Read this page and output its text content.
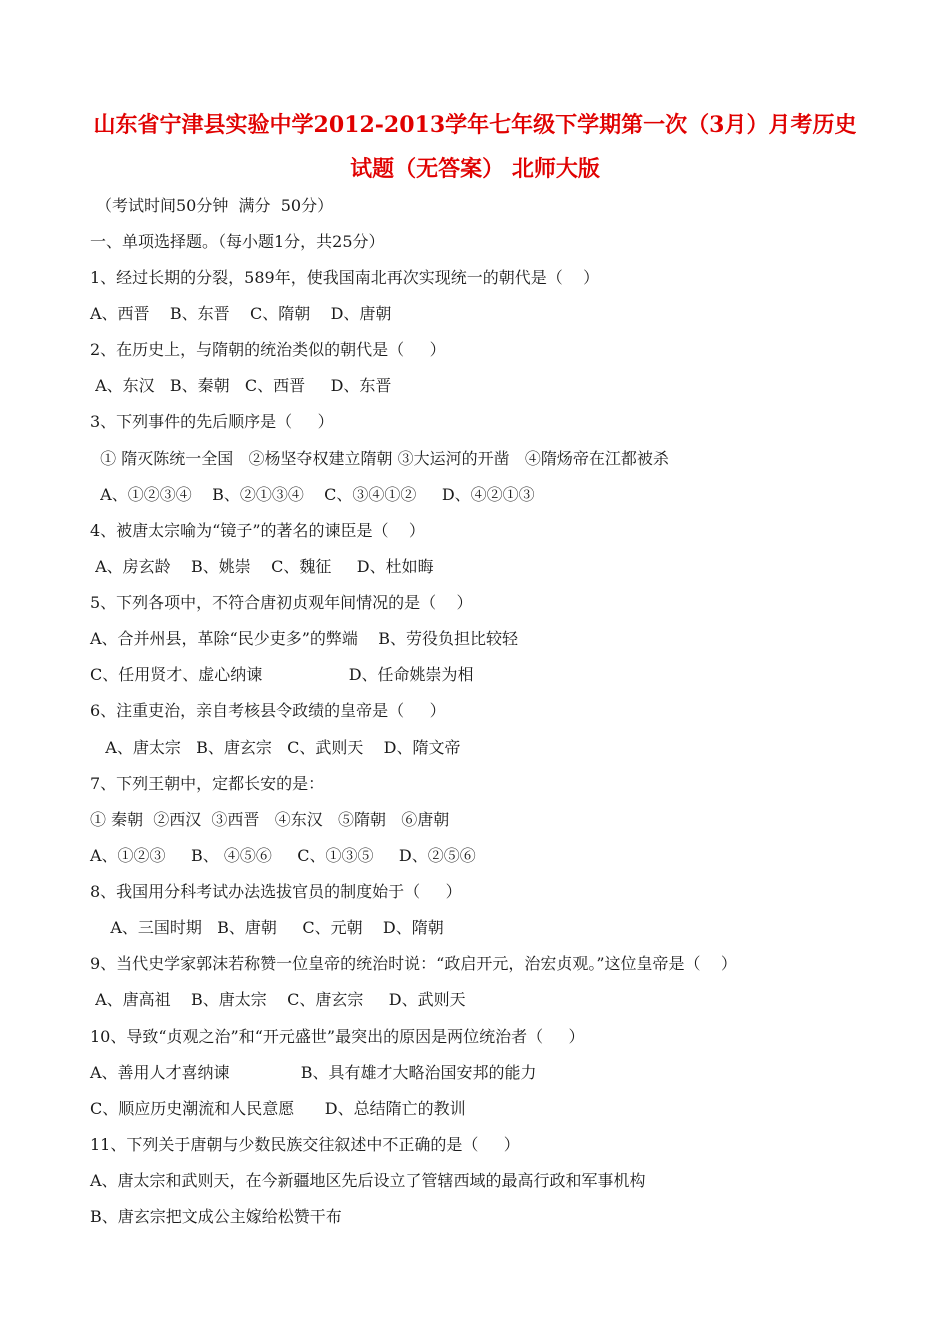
山东省宁津县实验中学2012-2013学年七年级下学期第一次（3月）月考历史
试题（无答案） 北师大版
（考试时间50分钟  满分  50分）
一、单项选择题。（每小题1分，共25分）
1、经过长期的分裂，589年，使我国南北再次实现统一的朝代是（    ）
A、西晋    B、东晋    C、隋朝    D、唐朝
2、在历史上，与隋朝的统治类似的朝代是（     ）
A、东汉   B、秦朝   C、西晋     D、东晋
3、下列事件的先后顺序是（     ）
① 隋灭陈统一全国   ②杨坚夺权建立隋朝 ③大运河的开凿   ④隋炀帝在江都被杀
A、①②③④    B、②①③④    C、③④①②     D、④②①③
4、被唐太宗喻为“镜子”的著名的谏臣是（    ）
A、房玄龄    B、姚崇    C、魏征     D、杜如晦
5、下列各项中，不符合唐初贞观年间情况的是（    ）
A、合并州县，革除“民少吏多”的弊端    B、劳役负担比较轻
C、任用贤才、虚心纳谏                 D、任命姚崇为相
6、注重吏治，亲自考核县令政绩的皇帝是（     ）
A、唐太宗   B、唐玄宗   C、武则天    D、隋文帝
7、下列王朝中，定都长安的是：
① 秦朝  ②西汉  ③西晋   ④东汉   ⑤隋朝   ⑥唐朝
A、①②③     B、 ④⑤⑥     C、①③⑤     D、②⑤⑥
8、我国用分科考试办法选拔官员的制度始于（     ）
A、三国时期   B、唐朝     C、元朝    D、隋朝
9、当代史学家郭沫若称赞一位皇帝的统治时说：“政启开元，治宏贞观。”这位皇帝是（    ）
A、唐高祖    B、唐太宗    C、唐玄宗     D、武则天
10、导致“贞观之治”和“开元盛世”最突出的原因是两位统治者（     ）
A、善用人才喜纳谏              B、具有雄才大略治国安邦的能力
C、顺应历史潮流和人民意愿      D、总结隋亡的教训
11、下列关于唐朝与少数民族交往叙述中不正确的是（     ）
A、唐太宗和武则天，在今新疆地区先后设立了管辖西域的最高行政和军事机构
B、唐玄宗把文成公主嫁给松赞干布
